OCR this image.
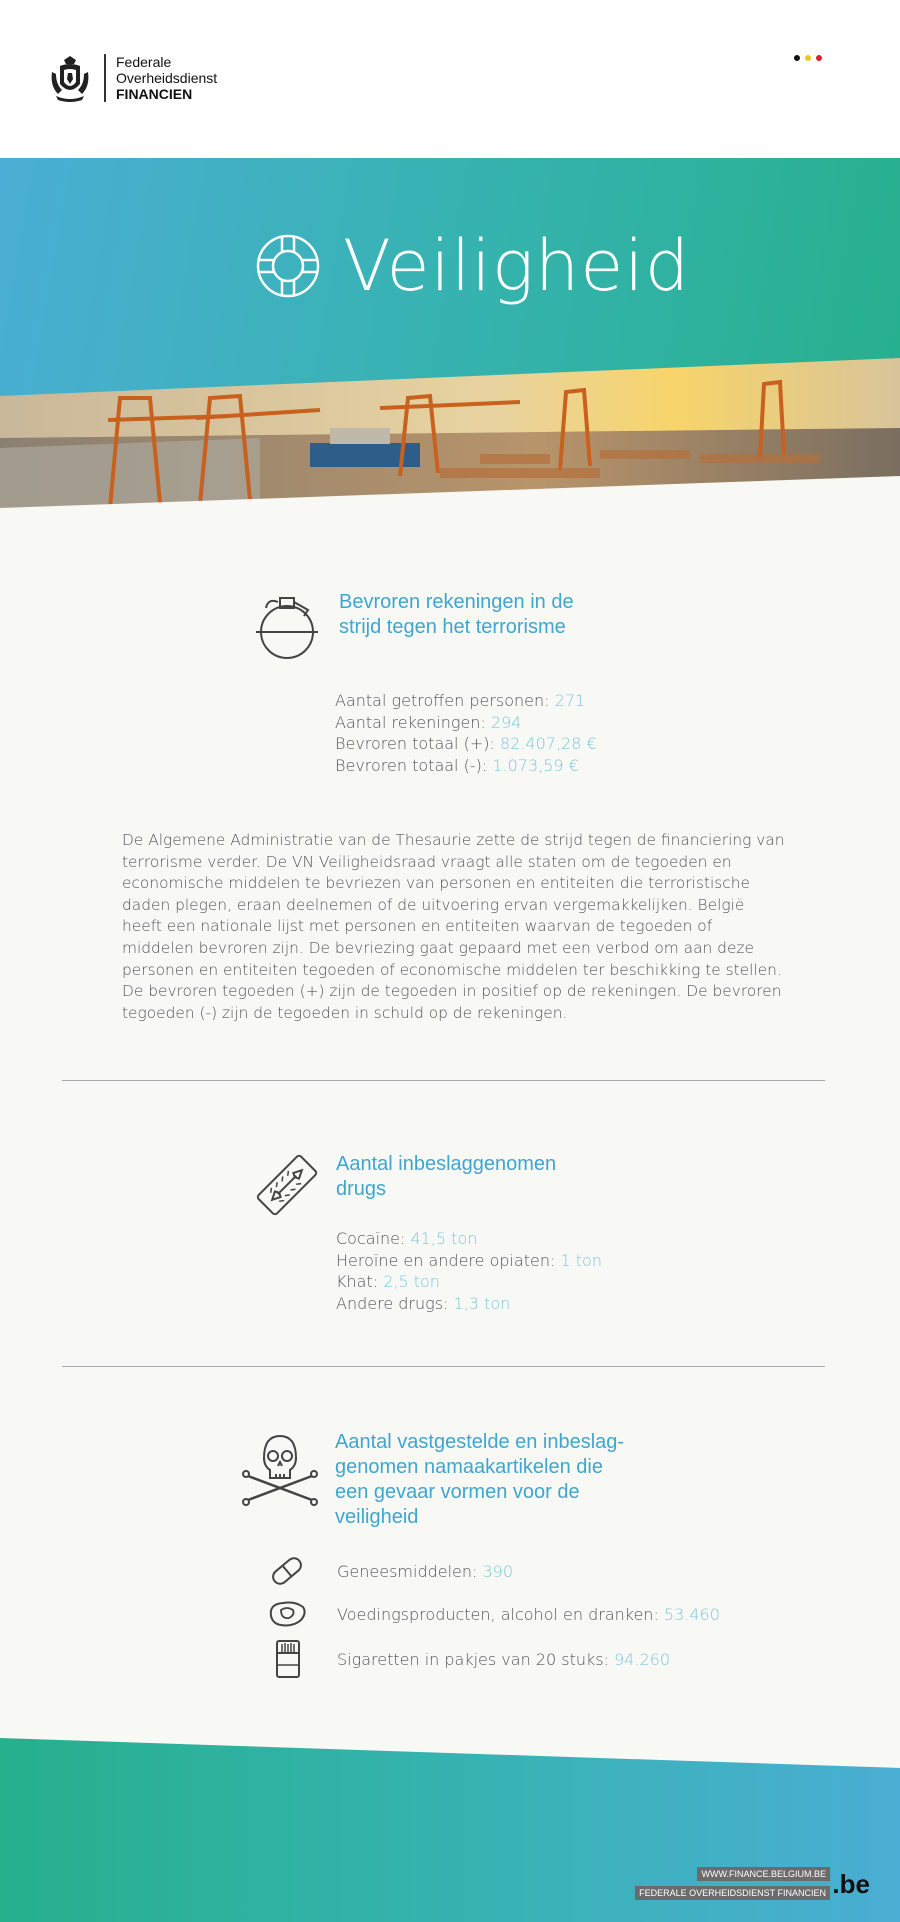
Federale
Overheidsdienst
FINANCIEN
Veiligheid
Bevroren rekeningen in de
strijd tegen het terrorisme
Aantal getroffen personen: 271
Aantal rekeningen: 294
Bevroren totaal (+): 82.407,28 €
Bevroren totaal (-): 1.073,59 €
De Algemene Administratie van de Thesaurie zette de strijd tegen de financiering van terrorisme verder. De VN Veiligheidsraad vraagt alle staten om de tegoeden en economische middelen te bevriezen van personen en entiteiten die terroristische daden plegen, eraan deelnemen of de uitvoering ervan vergemakkelijken. België heeft een nationale lijst met personen en entiteiten waarvan de tegoeden of middelen bevroren zijn. De bevriezing gaat gepaard met een verbod om aan deze personen en entiteiten tegoeden of economische middelen ter beschikking te stellen. De bevroren tegoeden (+) zijn de tegoeden in positief op de rekeningen. De bevroren tegoeden (-) zijn de tegoeden in schuld op de rekeningen.
Aantal inbeslaggenomen
drugs
Cocaïne: 41,5 ton
Heroïne en andere opiaten: 1 ton
Khat: 2,5 ton
Andere drugs: 1,3 ton
Aantal vastgestelde en inbeslag-
genomen namaakartikelen die
een gevaar vormen voor de
veiligheid
Geneesmiddelen: 390
Voedingsproducten, alcohol en dranken: 53.460
Sigaretten in pakjes van 20 stuks: 94.260
WWW.FINANCE.BELGIUM.BE
FEDERALE OVERHEIDSDIENST FINANCIEN .be
